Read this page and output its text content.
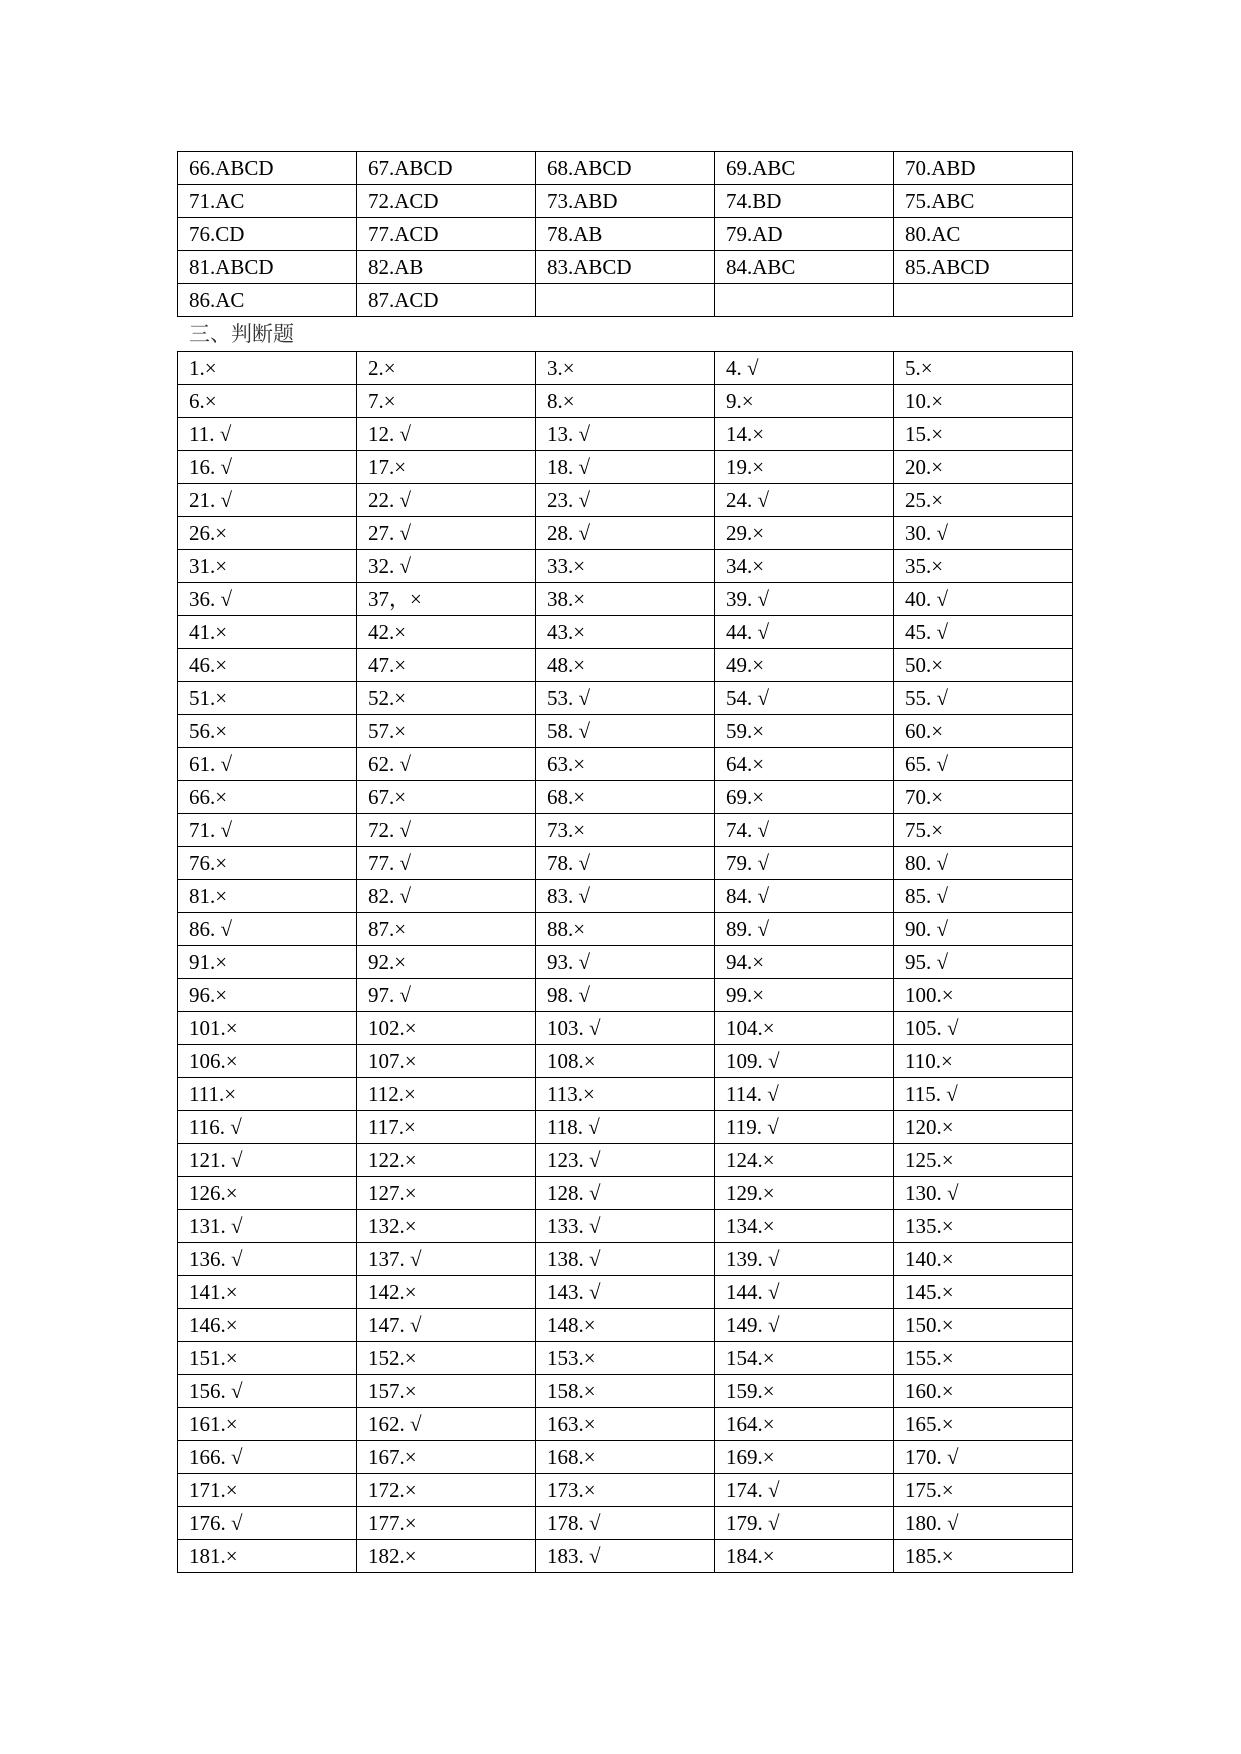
66.ABCD	67.ABCD	68.ABCD	69.ABC	70.ABD
71.AC	72.ACD	73.ABD	74.BD	75.ABC
76.CD	77.ACD	78.AB	79.AD	80.AC
81.ABCD	82.AB	83.ABCD	84.ABC	85.ABCD
86.AC	87.ACD			
三、判断题
1.×	2.×	3.×	4. √	5.×
6.×	7.×	8.×	9.×	10.×
11. √	12. √	13. √	14.×	15.×
16. √	17.×	18. √	19.×	20.×
21. √	22. √	23. √	24. √	25.×
26.×	27. √	28. √	29.×	30. √
31.×	32. √	33.×	34.×	35.×
36. √	37，×	38.×	39. √	40. √
41.×	42.×	43.×	44. √	45. √
46.×	47.×	48.×	49.×	50.×
51.×	52.×	53. √	54. √	55. √
56.×	57.×	58. √	59.×	60.×
61. √	62. √	63.×	64.×	65. √
66.×	67.×	68.×	69.×	70.×
71. √	72. √	73.×	74. √	75.×
76.×	77. √	78. √	79. √	80. √
81.×	82. √	83. √	84. √	85. √
86. √	87.×	88.×	89. √	90. √
91.×	92.×	93. √	94.×	95. √
96.×	97. √	98. √	99.×	100.×
101.×	102.×	103. √	104.×	105. √
106.×	107.×	108.×	109. √	110.×
111.×	112.×	113.×	114. √	115. √
116. √	117.×	118. √	119. √	120.×
121. √	122.×	123. √	124.×	125.×
126.×	127.×	128. √	129.×	130. √
131. √	132.×	133. √	134.×	135.×
136. √	137. √	138. √	139. √	140.×
141.×	142.×	143. √	144. √	145.×
146.×	147. √	148.×	149. √	150.×
151.×	152.×	153.×	154.×	155.×
156. √	157.×	158.×	159.×	160.×
161.×	162. √	163.×	164.×	165.×
166. √	167.×	168.×	169.×	170. √
171.×	172.×	173.×	174. √	175.×
176. √	177.×	178. √	179. √	180. √
181.×	182.×	183. √	184.×	185.×
